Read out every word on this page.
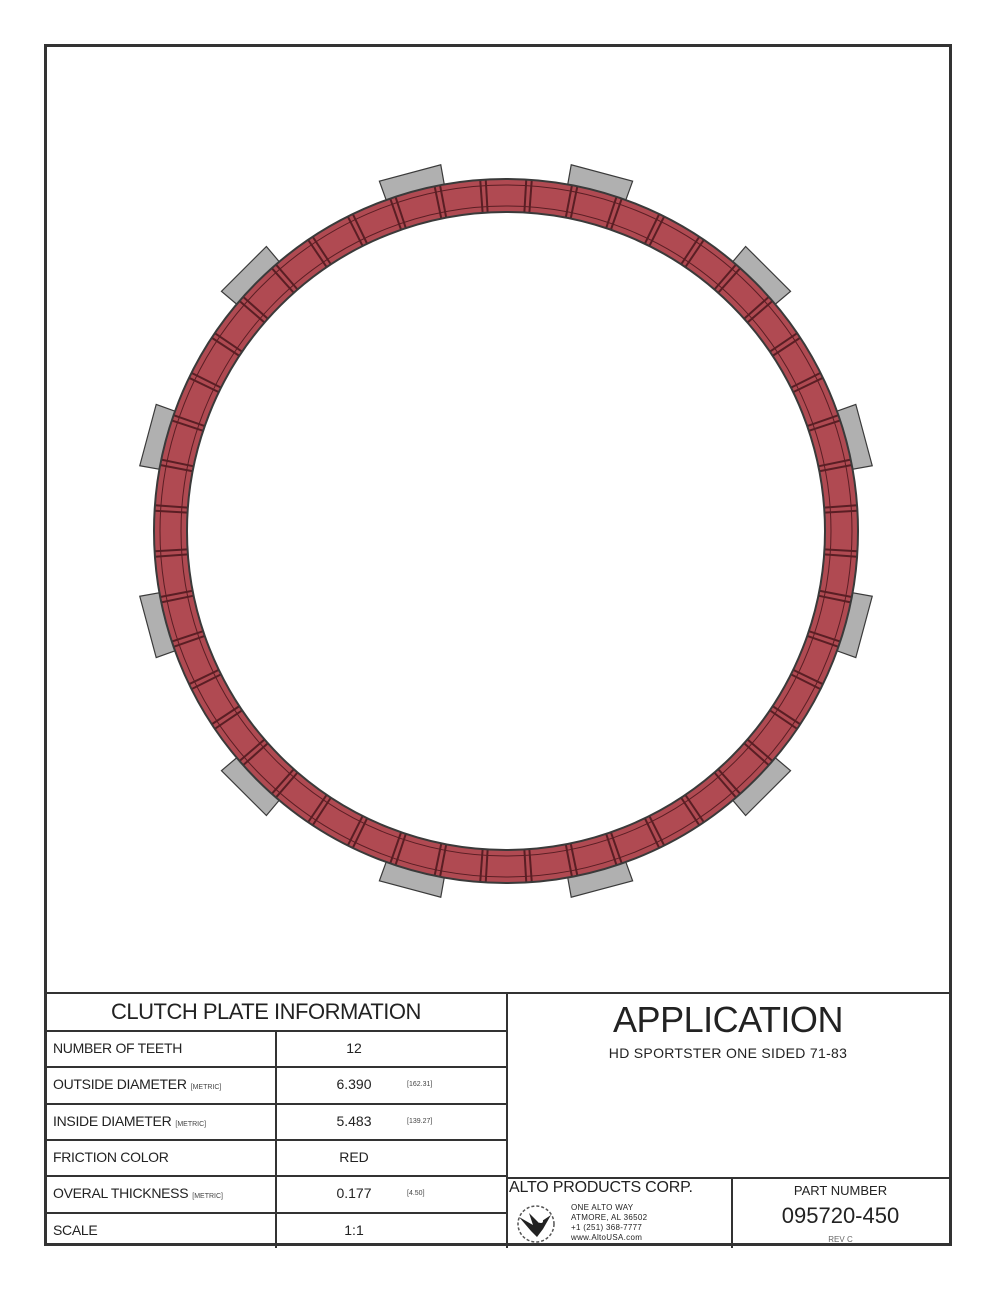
CLUTCH PLATE INFORMATION
NUMBER OF TEETH	12
OUTSIDE DIAMETER [METRIC]	6.390	[162.31]
INSIDE DIAMETER [METRIC]	5.483	[139.27]
FRICTION COLOR	RED
OVERAL THICKNESS [METRIC]	0.177	[4.50]
SCALE	1:1
APPLICATION
HD SPORTSTER ONE SIDED 71-83
ALTO PRODUCTS CORP.
ONE ALTO WAY
ATMORE, AL 36502
+1 (251) 368-7777
www.AltoUSA.com
PART NUMBER
095720-450
REV C
